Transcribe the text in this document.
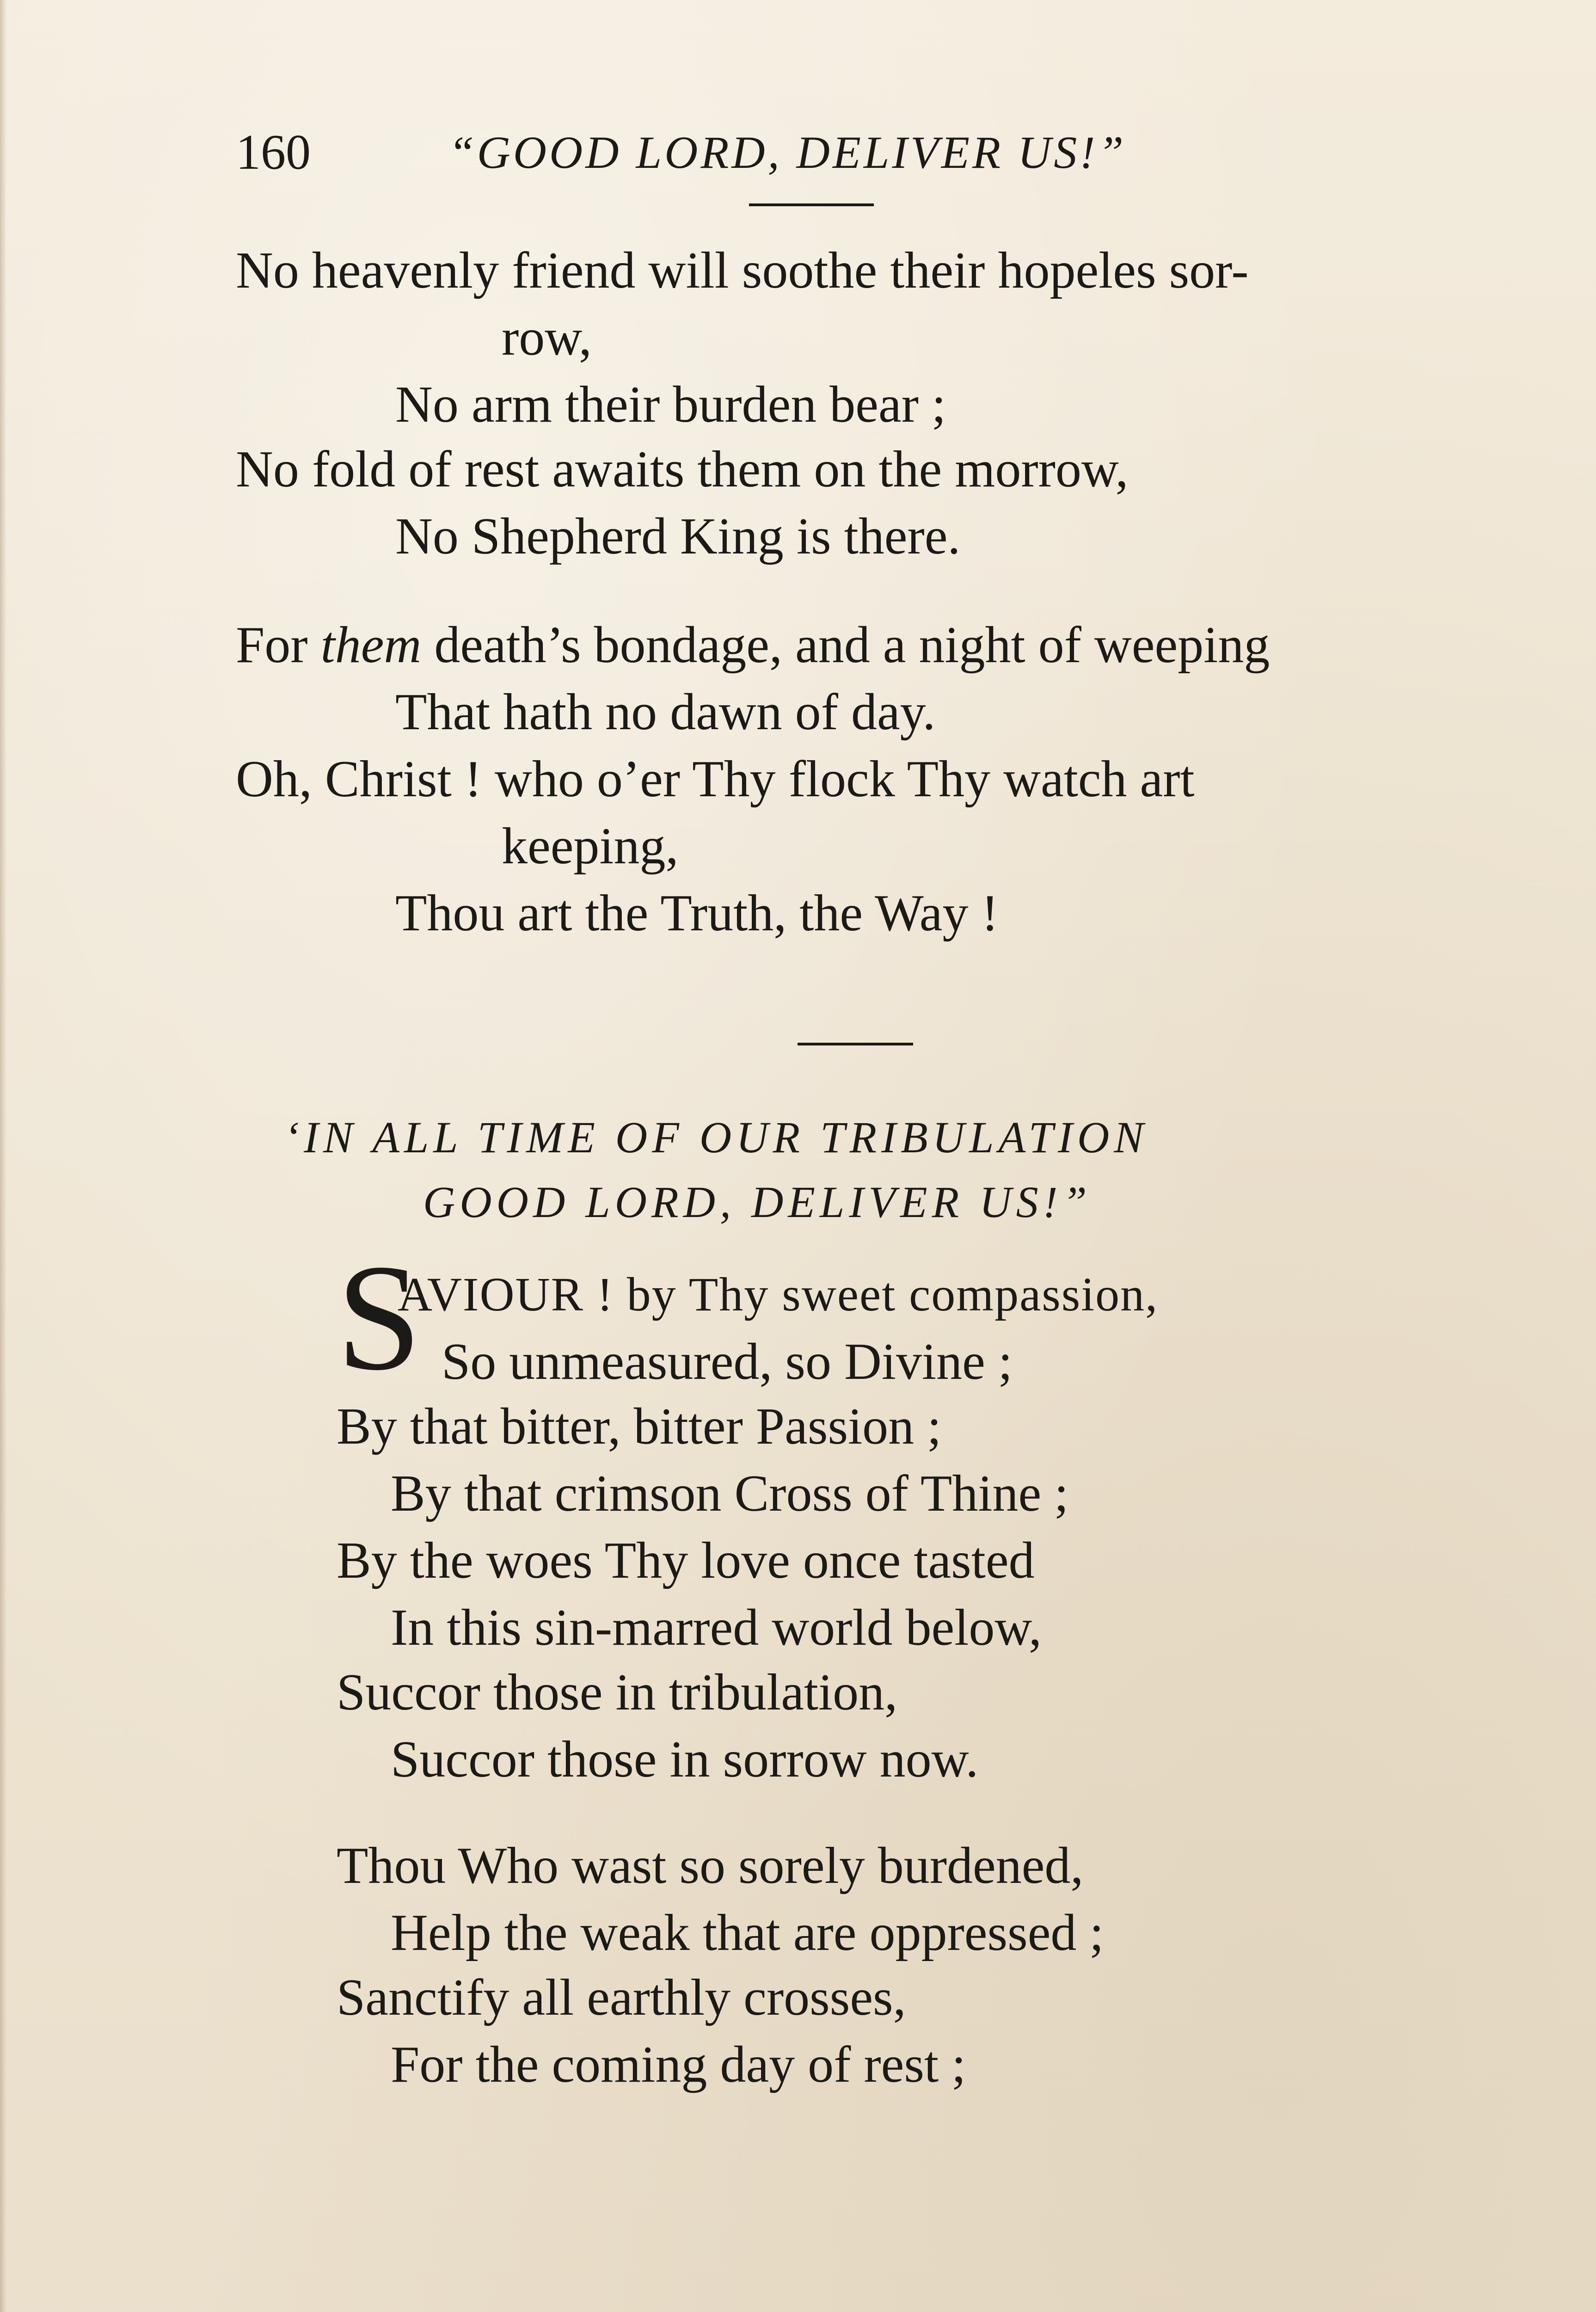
160	“GOOD LORD, DELIVER US!”
No heavenly friend will soothe their hopeles sor-
row,
No arm their burden bear ;
No fold of rest awaits them on the morrow,
No Shepherd King is there.
For them death’s bondage, and a night of weeping
That hath no dawn of day.
Oh, Christ ! who o’er Thy flock Thy watch art
keeping,
Thou art the Truth, the Way !
‘IN ALL TIME OF OUR TRIBULATION
GOOD LORD, DELIVER US!”
S
AVIOUR ! by Thy sweet compassion,
So unmeasured, so Divine ;
By that bitter, bitter Passion ;
By that crimson Cross of Thine ;
By the woes Thy love once tasted
In this sin-marred world below,
Succor those in tribulation,
Succor those in sorrow now.
Thou Who wast so sorely burdened,
Help the weak that are oppressed ;
Sanctify all earthly crosses,
For the coming day of rest ;
